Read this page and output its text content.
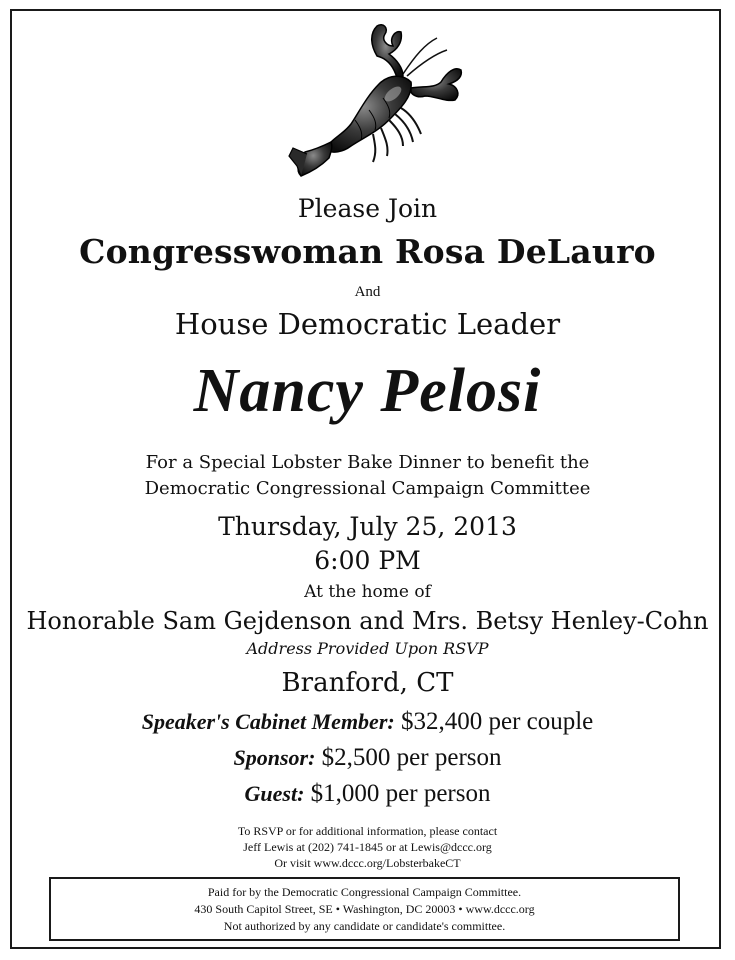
Please Join
Congresswoman Rosa DeLauro
And
House Democratic Leader
Nancy Pelosi
For a Special Lobster Bake Dinner to benefit the
Democratic Congressional Campaign Committee
Thursday, July 25, 2013
6:00 PM
At the home of
Honorable Sam Gejdenson and Mrs. Betsy Henley-Cohn
Address Provided Upon RSVP
Branford, CT
Speaker's Cabinet Member: $32,400 per couple
Sponsor: $2,500 per person
Guest: $1,000 per person
To RSVP or for additional information, please contact
Jeff Lewis at (202) 741-1845 or at Lewis@dccc.org
Or visit www.dccc.org/LobsterbakeCT
Paid for by the Democratic Congressional Campaign Committee.
430 South Capitol Street, SE • Washington, DC 20003 • www.dccc.org
Not authorized by any candidate or candidate's committee.
